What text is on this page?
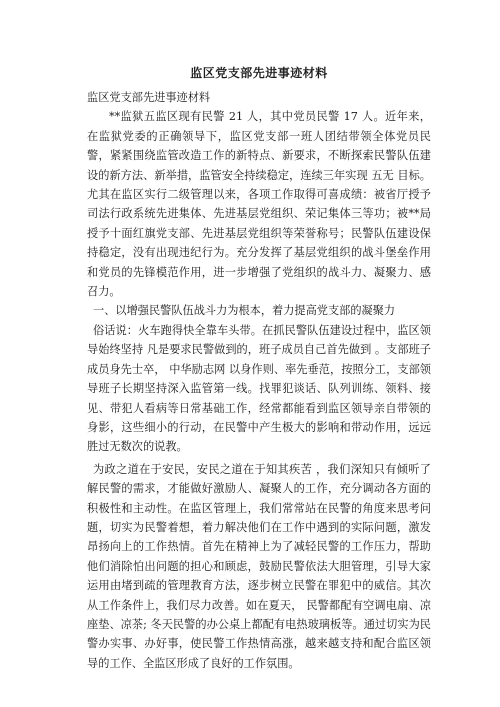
监区党支部先进事迹材料

监区党支部先进事迹材料

**监狱五监区现有民警 21 人，其中党员民警 17 人。近年来，在监狱党委的正确领导下，监区党支部一班人团结带领全体党员民警，紧紧围绕监管改造工作的新特点、新要求，不断探索民警队伍建设的新方法、新举措，监管安全持续稳定，连续三年实现 五无 目标。尤其在监区实行二级管理以来，各项工作取得可喜成绩：被省厅授予司法行政系统先进集体、先进基层党组织、荣记集体三等功；被**局授予十面红旗党支部、先进基层党组织等荣誉称号；民警队伍建设保持稳定，没有出现违纪行为。充分发挥了基层党组织的战斗堡垒作用和党员的先锋模范作用，进一步增强了党组织的战斗力、凝聚力、感召力。

一、以增强民警队伍战斗力为根本，着力提高党支部的凝聚力

俗话说：火车跑得快全靠车头带。在抓民警队伍建设过程中，监区领导始终坚持 凡是要求民警做到的，班子成员自己首先做到 。支部班子成员身先士卒， 中华励志网 以身作则、率先垂范，按照分工，支部领导班子长期坚持深入监管第一线。找罪犯谈话、队列训练、领料、接见、带犯人看病等日常基础工作，经常都能看到监区领导亲自带领的身影，这些细小的行动，在民警中产生极大的影响和带动作用，远远胜过无数次的说教。

为政之道在于安民，安民之道在于知其疾苦 ，我们深知只有倾听了解民警的需求，才能做好激励人、凝聚人的工作，充分调动各方面的积极性和主动性。在监区管理上，我们常常站在民警的角度来思考问题，切实为民警着想，着力解决他们在工作中遇到的实际问题，激发昂扬向上的工作热情。首先在精神上为了减轻民警的工作压力，帮助他们消除怕出问题的担心和顾虑，鼓励民警依法大胆管理，引导大家运用由堵到疏的管理教育方法，逐步树立民警在罪犯中的威信。其次从工作条件上，我们尽力改善。如在夏天， 民警都配有空调电扇、凉座垫、凉茶; 冬天民警的办公桌上都配有电热玻璃板等。通过切实为民警办实事、办好事，使民警工作热情高涨，越来越支持和配合监区领导的工作、全监区形成了良好的工作氛围。
